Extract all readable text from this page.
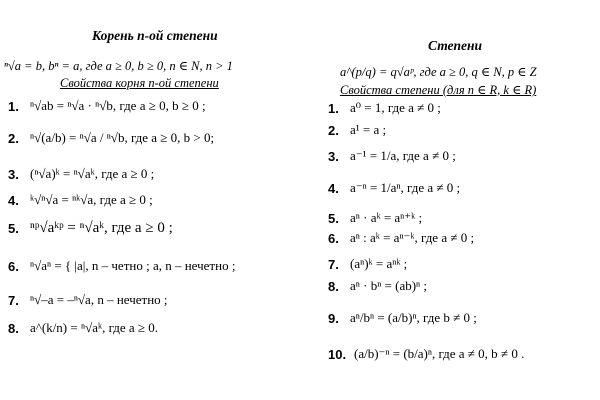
Корень n-ой степени
ⁿ√a = b, bⁿ = a, где a ≥ 0, b ≥ 0, n ∈ N, n > 1
Свойства корня n-ой степени
1. ⁿ√ab = ⁿ√a · ⁿ√b, где a ≥ 0, b ≥ 0 ;
2. ⁿ√(a/b) = ⁿ√a / ⁿ√b, где a ≥ 0, b > 0;
3. (ⁿ√a)ᵏ = ⁿ√aᵏ, где a ≥ 0 ;
4. ᵏ√ⁿ√a = ⁿᵏ√a, где a ≥ 0 ;
5. ⁿᵖ√aᵏᵖ = ⁿ√aᵏ, где a ≥ 0 ;
6. ⁿ√aⁿ = { |a|, n – четно ; a, n – нечетно ;
7. ⁿ√–a = –ⁿ√a, n – нечетно ;
8. a^(k/n) = ⁿ√aᵏ, где a ≥ 0.
Степени
a^(p/q) = q√aᵖ, где a ≥ 0, q ∈ N, p ∈ Z
Свойства степени (для n ∈ R, k ∈ R)
1. a⁰ = 1, где a ≠ 0 ;
2. a¹ = a ;
3. a⁻¹ = 1/a, где a ≠ 0 ;
4. a⁻ⁿ = 1/aⁿ, где a ≠ 0 ;
5. aⁿ · aᵏ = aⁿ⁺ᵏ ;
6. aⁿ : aᵏ = aⁿ⁻ᵏ, где a ≠ 0 ;
7. (aⁿ)ᵏ = aⁿᵏ ;
8. aⁿ · bⁿ = (ab)ⁿ ;
9. aⁿ/bⁿ = (a/b)ⁿ, где b ≠ 0 ;
10. (a/b)⁻ⁿ = (b/a)ⁿ, где a ≠ 0, b ≠ 0 .
